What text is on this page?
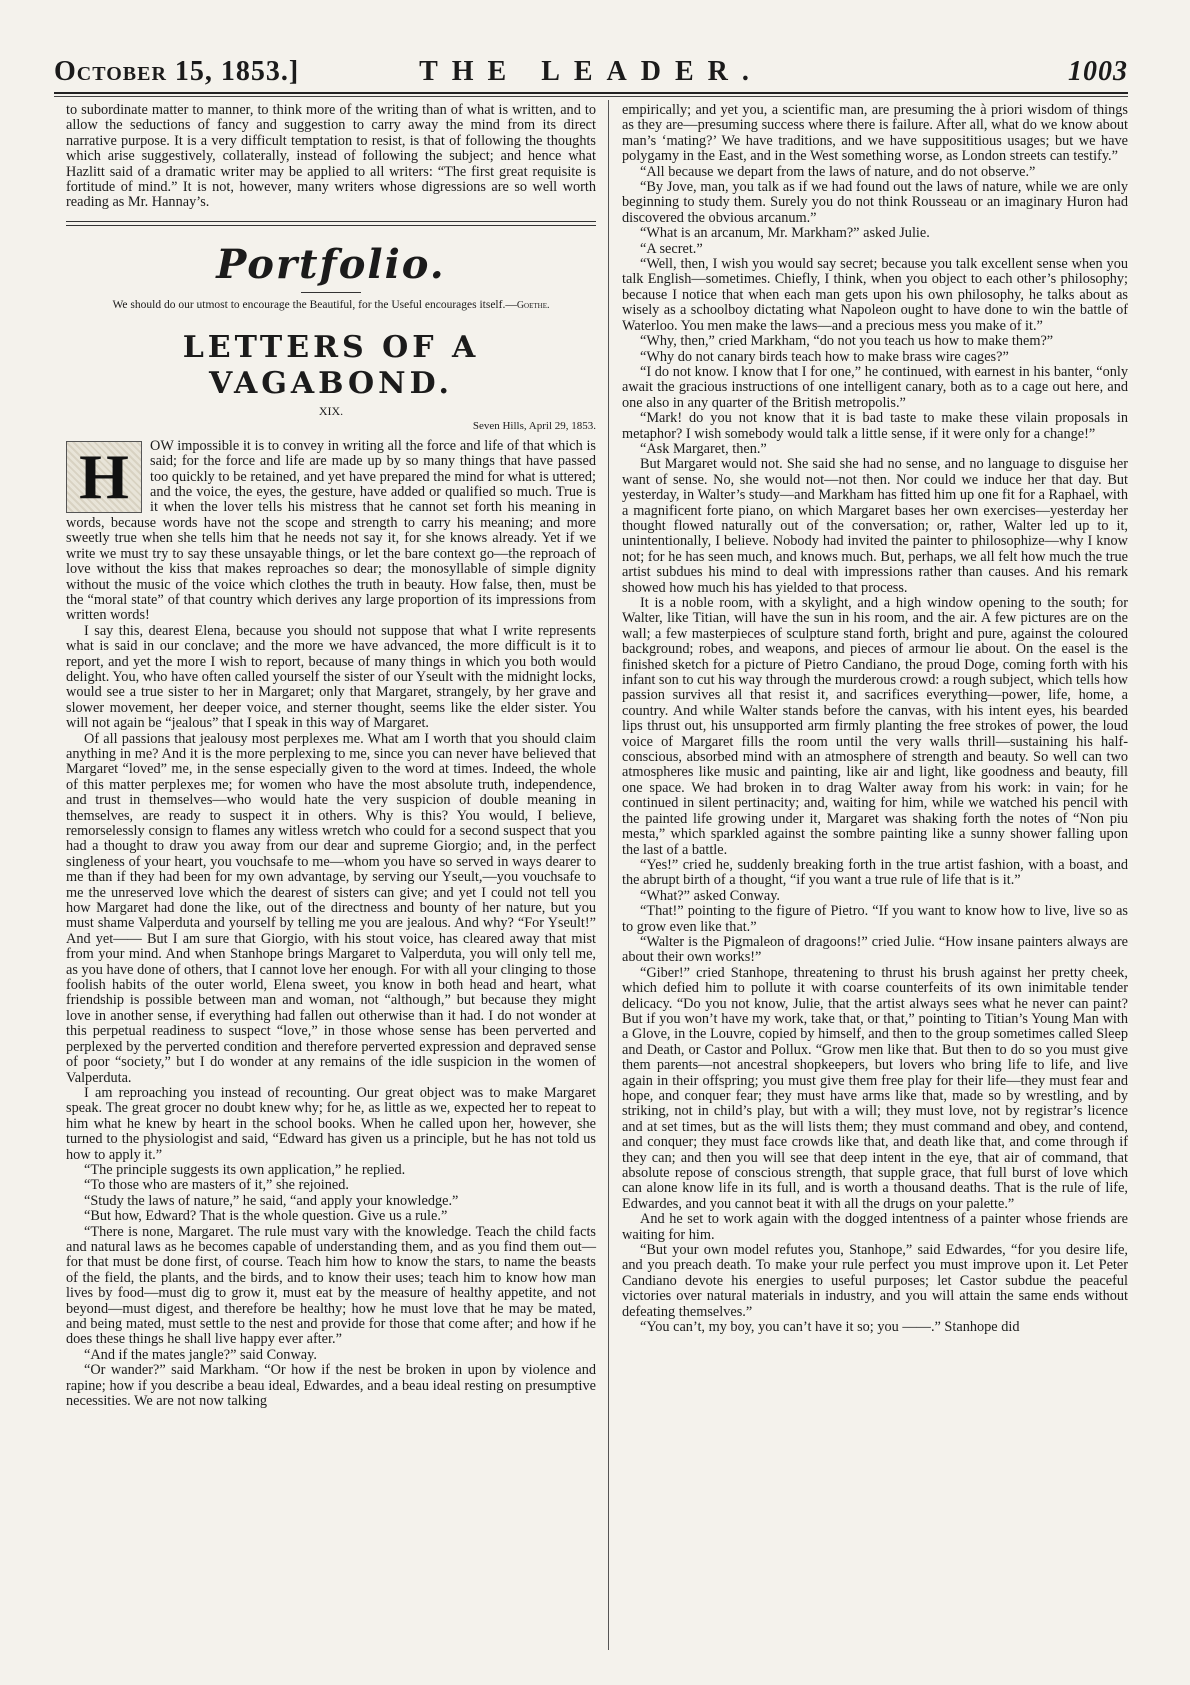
October 15, 1853.]	THE LEADER.	1003

to subordinate matter to manner, to think more of the writing than of what is written, and to allow the seductions of fancy and suggestion to carry away the mind from its direct narrative purpose. It is a very difficult temptation to resist, is that of following the thoughts which arise suggestively, collaterally, instead of following the subject; and hence what Hazlitt said of a dramatic writer may be applied to all writers: “The first great requisite is fortitude of mind.” It is not, however, many writers whose digressions are so well worth reading as Mr. Hannay’s.

Portfolio.
We should do our utmost to encourage the Beautiful, for the Useful encourages itself.—Goethe.
LETTERS OF A VAGABOND.
XIX.
Seven Hills, April 29, 1853.
H	OW impossible it is to convey in writing all the force and life of that which is said; for the force and life are made up by so many things that have passed too quickly to be retained, and yet have prepared the mind for what is uttered; and the voice, the eyes, the gesture, have added or qualified so much. True is it when the lover tells his mistress that he cannot set forth his meaning in words, because words have not the scope and strength to carry his meaning; and more sweetly true when she tells him that he needs not say it, for she knows already. Yet if we write we must try to say these unsayable things, or let the bare context go—the reproach of love without the kiss that makes reproaches so dear; the monosyllable of simple dignity without the music of the voice which clothes the truth in beauty. How false, then, must be the “moral state” of that country which derives any large proportion of its impressions from written words!

I say this, dearest Elena, because you should not suppose that what I write represents what is said in our conclave; and the more we have advanced, the more difficult is it to report, and yet the more I wish to report, because of many things in which you both would delight. You, who have often called yourself the sister of our Yseult with the midnight locks, would see a true sister to her in Margaret; only that Margaret, strangely, by her grave and slower movement, her deeper voice, and sterner thought, seems like the elder sister. You will not again be “jealous” that I speak in this way of Margaret.

Of all passions that jealousy most perplexes me. What am I worth that you should claim anything in me? And it is the more perplexing to me, since you can never have believed that Margaret “loved” me, in the sense especially given to the word at times. Indeed, the whole of this matter perplexes me; for women who have the most absolute truth, independence, and trust in themselves—who would hate the very suspicion of double meaning in themselves, are ready to suspect it in others. Why is this? You would, I believe, remorselessly consign to flames any witless wretch who could for a second suspect that you had a thought to draw you away from our dear and supreme Giorgio; and, in the perfect singleness of your heart, you vouchsafe to me—whom you have so served in ways dearer to me than if they had been for my own advantage, by serving our Yseult,—you vouchsafe to me the unreserved love which the dearest of sisters can give; and yet I could not tell you how Margaret had done the like, out of the directness and bounty of her nature, but you must shame Valperduta and yourself by telling me you are jealous. And why? “For Yseult!” And yet—— But I am sure that Giorgio, with his stout voice, has cleared away that mist from your mind. And when Stanhope brings Margaret to Valperduta, you will only tell me, as you have done of others, that I cannot love her enough. For with all your clinging to those foolish habits of the outer world, Elena sweet, you know in both head and heart, what friendship is possible between man and woman, not “although,” but because they might love in another sense, if everything had fallen out otherwise than it had. I do not wonder at this perpetual readiness to suspect “love,” in those whose sense has been perverted and perplexed by the perverted condition and therefore perverted expression and depraved sense of poor “society,” but I do wonder at any remains of the idle suspicion in the women of Valperduta.

I am reproaching you instead of recounting. Our great object was to make Margaret speak. The great grocer no doubt knew why; for he, as little as we, expected her to repeat to him what he knew by heart in the school books. When he called upon her, however, she turned to the physiologist and said, “Edward has given us a principle, but he has not told us how to apply it.”

“The principle suggests its own application,” he replied.

“To those who are masters of it,” she rejoined.

“Study the laws of nature,” he said, “and apply your knowledge.”

“But how, Edward? That is the whole question. Give us a rule.”

“There is none, Margaret. The rule must vary with the knowledge. Teach the child facts and natural laws as he becomes capable of understanding them, and as you find them out—for that must be done first, of course. Teach him how to know the stars, to name the beasts of the field, the plants, and the birds, and to know their uses; teach him to know how man lives by food—must dig to grow it, must eat by the measure of healthy appetite, and not beyond—must digest, and therefore be healthy; how he must love that he may be mated, and being mated, must settle to the nest and provide for those that come after; and how if he does these things he shall live happy ever after.”

“And if the mates jangle?” said Conway.

“Or wander?” said Markham. “Or how if the nest be broken in upon by violence and rapine; how if you describe a beau ideal, Edwardes, and a beau ideal resting on presumptive necessities. We are not now talking

empirically; and yet you, a scientific man, are presuming the à priori wisdom of things as they are—presuming success where there is failure. After all, what do we know about man’s ‘mating?’ We have traditions, and we have supposititious usages; but we have polygamy in the East, and in the West something worse, as London streets can testify.”

“All because we depart from the laws of nature, and do not observe.”

“By Jove, man, you talk as if we had found out the laws of nature, while we are only beginning to study them. Surely you do not think Rousseau or an imaginary Huron had discovered the obvious arcanum.”

“What is an arcanum, Mr. Markham?” asked Julie.

“A secret.”

“Well, then, I wish you would say secret; because you talk excellent sense when you talk English—sometimes. Chiefly, I think, when you object to each other’s philosophy; because I notice that when each man gets upon his own philosophy, he talks about as wisely as a schoolboy dictating what Napoleon ought to have done to win the battle of Waterloo. You men make the laws—and a precious mess you make of it.”

“Why, then,” cried Markham, “do not you teach us how to make them?”

“Why do not canary birds teach how to make brass wire cages?”

“I do not know. I know that I for one,” he continued, with earnest in his banter, “only await the gracious instructions of one intelligent canary, both as to a cage out here, and one also in any quarter of the British metropolis.”

“Mark! do you not know that it is bad taste to make these vilain proposals in metaphor? I wish somebody would talk a little sense, if it were only for a change!”

“Ask Margaret, then.”

But Margaret would not. She said she had no sense, and no language to disguise her want of sense. No, she would not—not then. Nor could we induce her that day. But yesterday, in Walter’s study—and Markham has fitted him up one fit for a Raphael, with a magnificent forte piano, on which Margaret bases her own exercises—yesterday her thought flowed naturally out of the conversation; or, rather, Walter led up to it, unintentionally, I believe. Nobody had invited the painter to philosophize—why I know not; for he has seen much, and knows much. But, perhaps, we all felt how much the true artist subdues his mind to deal with impressions rather than causes. And his remark showed how much his has yielded to that process.

It is a noble room, with a skylight, and a high window opening to the south; for Walter, like Titian, will have the sun in his room, and the air. A few pictures are on the wall; a few masterpieces of sculpture stand forth, bright and pure, against the coloured background; robes, and weapons, and pieces of armour lie about. On the easel is the finished sketch for a picture of Pietro Candiano, the proud Doge, coming forth with his infant son to cut his way through the murderous crowd: a rough subject, which tells how passion survives all that resist it, and sacrifices everything—power, life, home, a country. And while Walter stands before the canvas, with his intent eyes, his bearded lips thrust out, his unsupported arm firmly planting the free strokes of power, the loud voice of Margaret fills the room until the very walls thrill—sustaining his half-conscious, absorbed mind with an atmosphere of strength and beauty. So well can two atmospheres like music and painting, like air and light, like goodness and beauty, fill one space. We had broken in to drag Walter away from his work: in vain; for he continued in silent pertinacity; and, waiting for him, while we watched his pencil with the painted life growing under it, Margaret was shaking forth the notes of “Non piu mesta,” which sparkled against the sombre painting like a sunny shower falling upon the last of a battle.

“Yes!” cried he, suddenly breaking forth in the true artist fashion, with a boast, and the abrupt birth of a thought, “if you want a true rule of life that is it.”

“What?” asked Conway.

“That!” pointing to the figure of Pietro. “If you want to know how to live, live so as to grow even like that.”

“Walter is the Pigmaleon of dragoons!” cried Julie. “How insane painters always are about their own works!”

“Giber!” cried Stanhope, threatening to thrust his brush against her pretty cheek, which defied him to pollute it with coarse counterfeits of its own inimitable tender delicacy. “Do you not know, Julie, that the artist always sees what he never can paint? But if you won’t have my work, take that, or that,” pointing to Titian’s Young Man with a Glove, in the Louvre, copied by himself, and then to the group sometimes called Sleep and Death, or Castor and Pollux. “Grow men like that. But then to do so you must give them parents—not ancestral shopkeepers, but lovers who bring life to life, and live again in their offspring; you must give them free play for their life—they must fear and hope, and conquer fear; they must have arms like that, made so by wrestling, and by striking, not in child’s play, but with a will; they must love, not by registrar’s licence and at set times, but as the will lists them; they must command and obey, and contend, and conquer; they must face crowds like that, and death like that, and come through if they can; and then you will see that deep intent in the eye, that air of command, that absolute repose of conscious strength, that supple grace, that full burst of love which can alone know life in its full, and is worth a thousand deaths. That is the rule of life, Edwardes, and you cannot beat it with all the drugs on your palette.”

And he set to work again with the dogged intentness of a painter whose friends are waiting for him.

“But your own model refutes you, Stanhope,” said Edwardes, “for you desire life, and you preach death. To make your rule perfect you must improve upon it. Let Peter Candiano devote his energies to useful purposes; let Castor subdue the peaceful victories over natural materials in industry, and you will attain the same ends without defeating themselves.”

“You can’t, my boy, you can’t have it so; you ——.” Stanhope did
